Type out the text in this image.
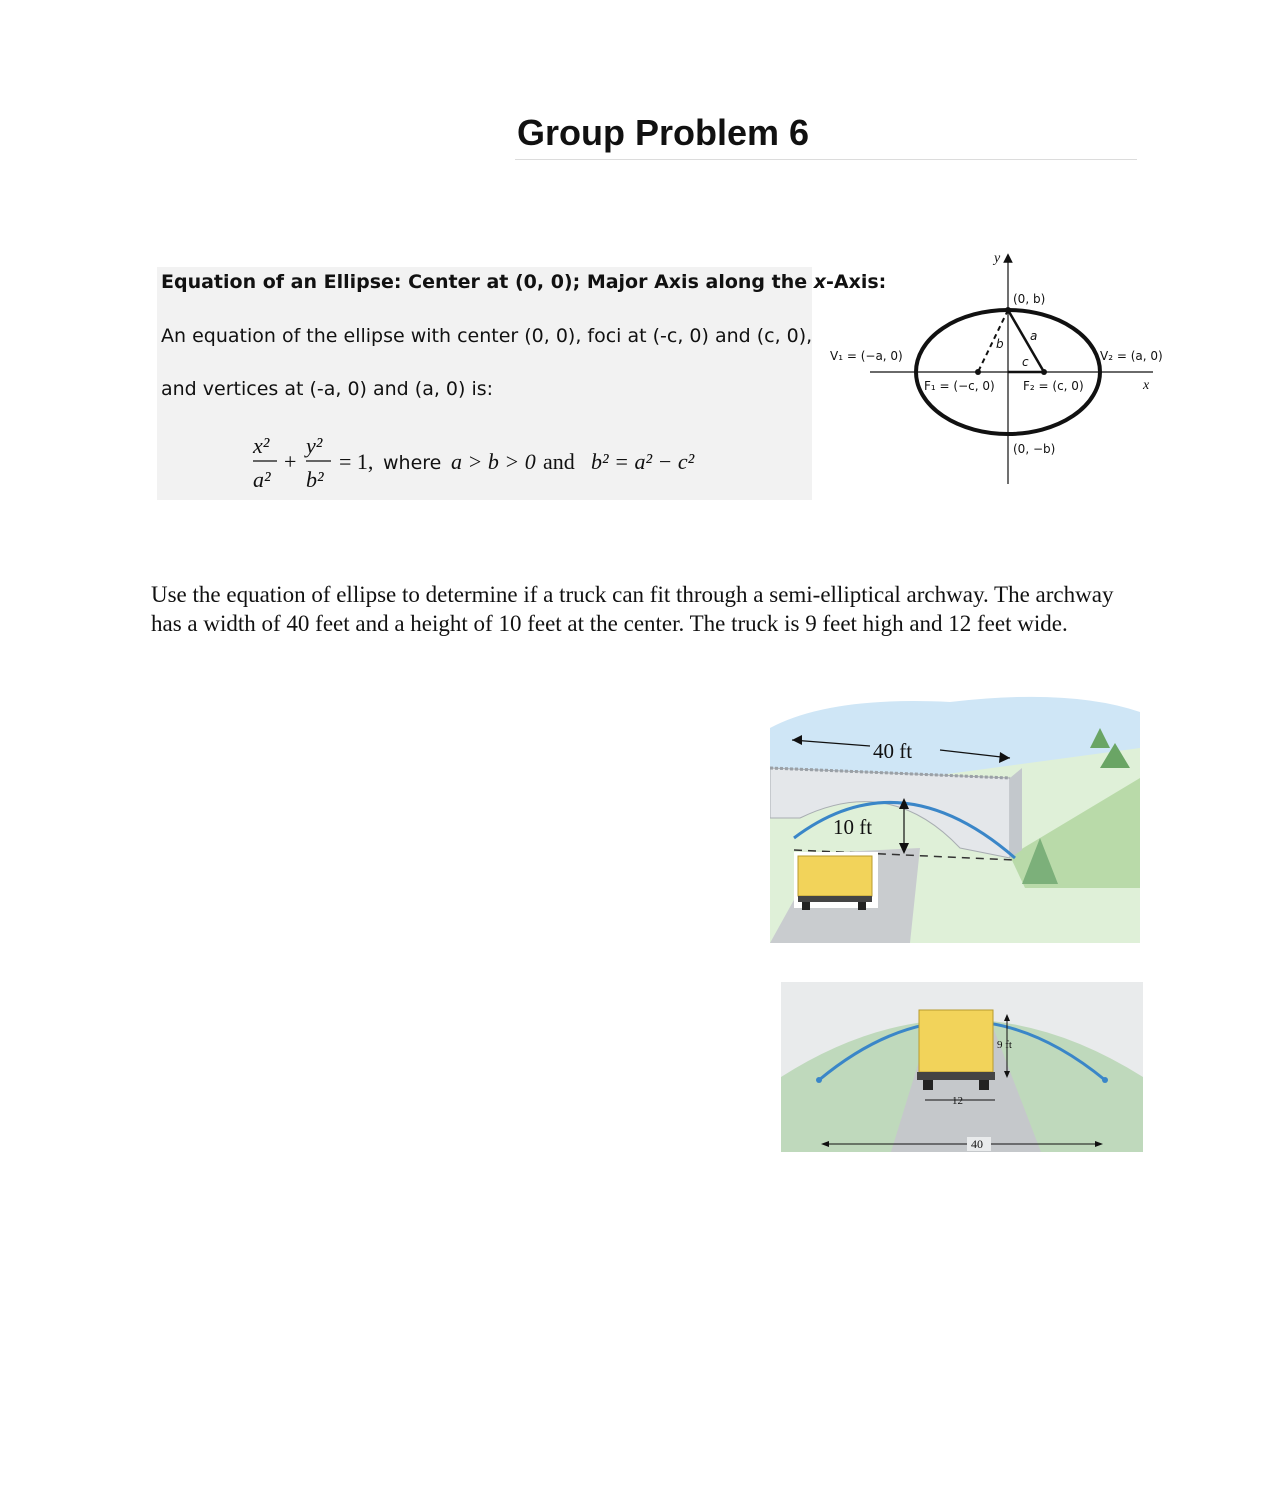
Group Problem 6
Equation of an Ellipse: Center at (0, 0); Major Axis along the x-Axis:
An equation of the ellipse with center (0, 0), foci at (-c, 0) and (c, 0),
and vertices at (-a, 0) and (a, 0) is:
x²
a²
+
y²
b²
= 1, where a > b > 0 and b² = a² − c²
y
x
(0, b)
(0, −b)
V₁ = (−a, 0)	V₂ = (a, 0)
F₁ = (−c, 0) F₂ = (c, 0)
a
b
c
Use the equation of ellipse to determine if a truck can fit through a semi-elliptical archway. The archway has a width of 40 feet and a height of 10 feet at the center. The truck is 9 feet high and 12 feet wide.
40 ft
10 ft
9 ft
12
40
